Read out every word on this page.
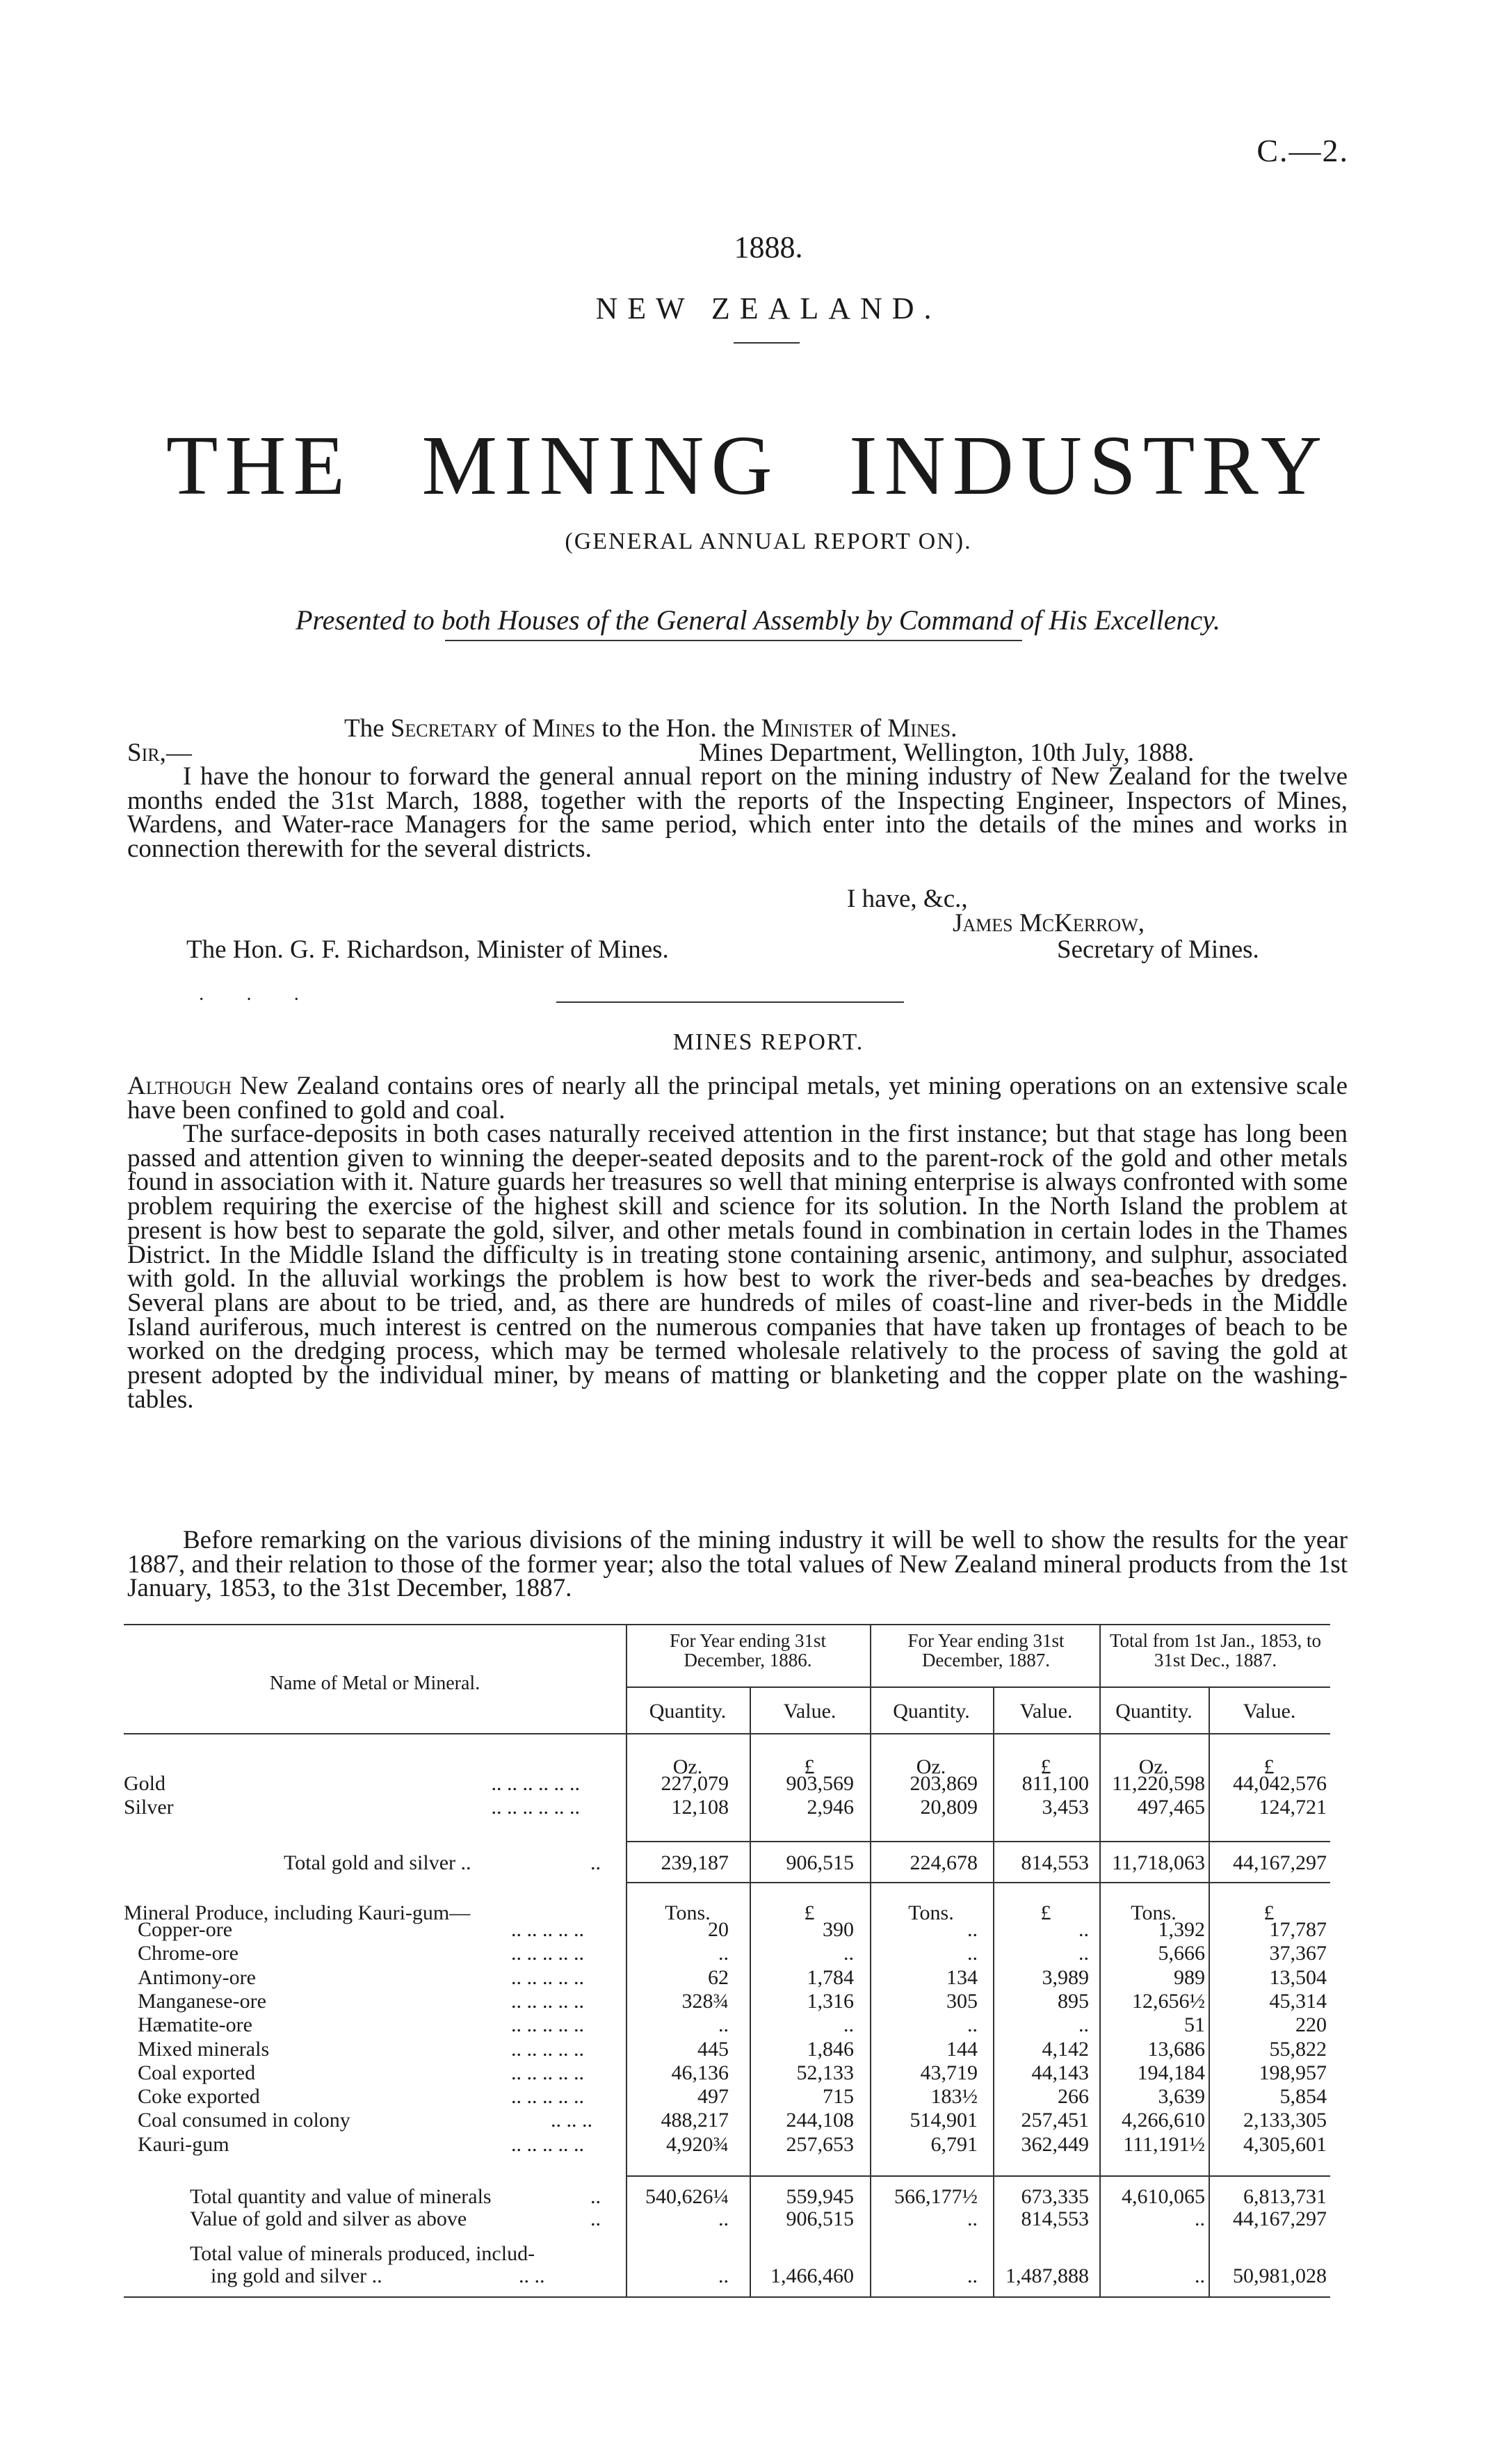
C.—2.
1888.
NEW ZEALAND.
THE MINING INDUSTRY
(GENERAL ANNUAL REPORT ON).
Presented to both Houses of the General Assembly by Command of His Excellency.
The Secretary of Mines to the Hon. the Minister of Mines.
Sir,—	Mines Department, Wellington, 10th July, 1888.
I have the honour to forward the general annual report on the mining industry of New Zealand for the twelve months ended the 31st March, 1888, together with the reports of the Inspecting Engineer, Inspectors of Mines, Wardens, and Water-race Managers for the same period, which enter into the details of the mines and works in connection therewith for the several districts.
I have, &c.,
James McKerrow,
The Hon. G. F. Richardson, Minister of Mines.	Secretary of Mines.
· · ·
MINES REPORT.
Although New Zealand contains ores of nearly all the principal metals, yet mining operations on an extensive scale have been confined to gold and coal.
The surface-deposits in both cases naturally received attention in the first instance; but that stage has long been passed and attention given to winning the deeper-seated deposits and to the parent-rock of the gold and other metals found in association with it. Nature guards her treasures so well that mining enterprise is always confronted with some problem requiring the exercise of the highest skill and science for its solution. In the North Island the problem at present is how best to separate the gold, silver, and other metals found in combination in certain lodes in the Thames District. In the Middle Island the difficulty is in treating stone containing arsenic, antimony, and sulphur, associated with gold. In the alluvial workings the problem is how best to work the river-beds and sea-beaches by dredges. Several plans are about to be tried, and, as there are hundreds of miles of coast-line and river-beds in the Middle Island auriferous, much interest is centred on the numerous companies that have taken up frontages of beach to be worked on the dredging process, which may be termed wholesale relatively to the process of saving the gold at present adopted by the individual miner, by means of matting or blanketing and the copper plate on the washing-tables.
Before remarking on the various divisions of the mining industry it will be well to show the results for the year 1887, and their relation to those of the former year; also the total values of New Zealand mineral products from the 1st January, 1853, to the 31st December, 1887.
Name of Metal or Mineral.
For Year ending 31st December, 1886.
For Year ending 31st December, 1887.
Total from 1st Jan., 1853, to 31st Dec., 1887.
Quantity.	Value.	Quantity.	Value.	Quantity.	Value.
Oz.	£	Oz.	£	Oz.	£
Gold	.. .. .. .. .. ..	227,079	903,569	203,869	811,100	11,220,598	44,042,576
Silver	.. .. .. .. .. ..	12,108	2,946	20,809	3,453	497,465	124,721
Total gold and silver ..	..	239,187	906,515	224,678	814,553	11,718,063	44,167,297
Mineral Produce, including Kauri-gum—	Tons.	£	Tons.	£	Tons.	£
Copper-ore	.. .. .. .. ..	20	390	..	..	1,392	17,787
Chrome-ore	.. .. .. .. ..	..	..	..	..	5,666	37,367
Antimony-ore	.. .. .. .. ..	62	1,784	134	3,989	989	13,504
Manganese-ore	.. .. .. .. ..	328¾	1,316	305	895	12,656½	45,314
Hæmatite-ore	.. .. .. .. ..	..	..	..	..	51	220
Mixed minerals	.. .. .. .. ..	445	1,846	144	4,142	13,686	55,822
Coal exported	.. .. .. .. ..	46,136	52,133	43,719	44,143	194,184	198,957
Coke exported	.. .. .. .. ..	497	715	183½	266	3,639	5,854
Coal consumed in colony	.. .. ..	488,217	244,108	514,901	257,451	4,266,610	2,133,305
Kauri-gum	.. .. .. .. ..	4,920¾	257,653	6,791	362,449	111,191½	4,305,601
Total quantity and value of minerals	..	540,626¼	559,945	566,177½	673,335	4,610,065	6,813,731
Value of gold and silver as above	..	..	906,515	..	814,553	..	44,167,297
Total value of minerals produced, includ-
ing gold and silver ..	.. ..	..	1,466,460	..	1,487,888	..	50,981,028
